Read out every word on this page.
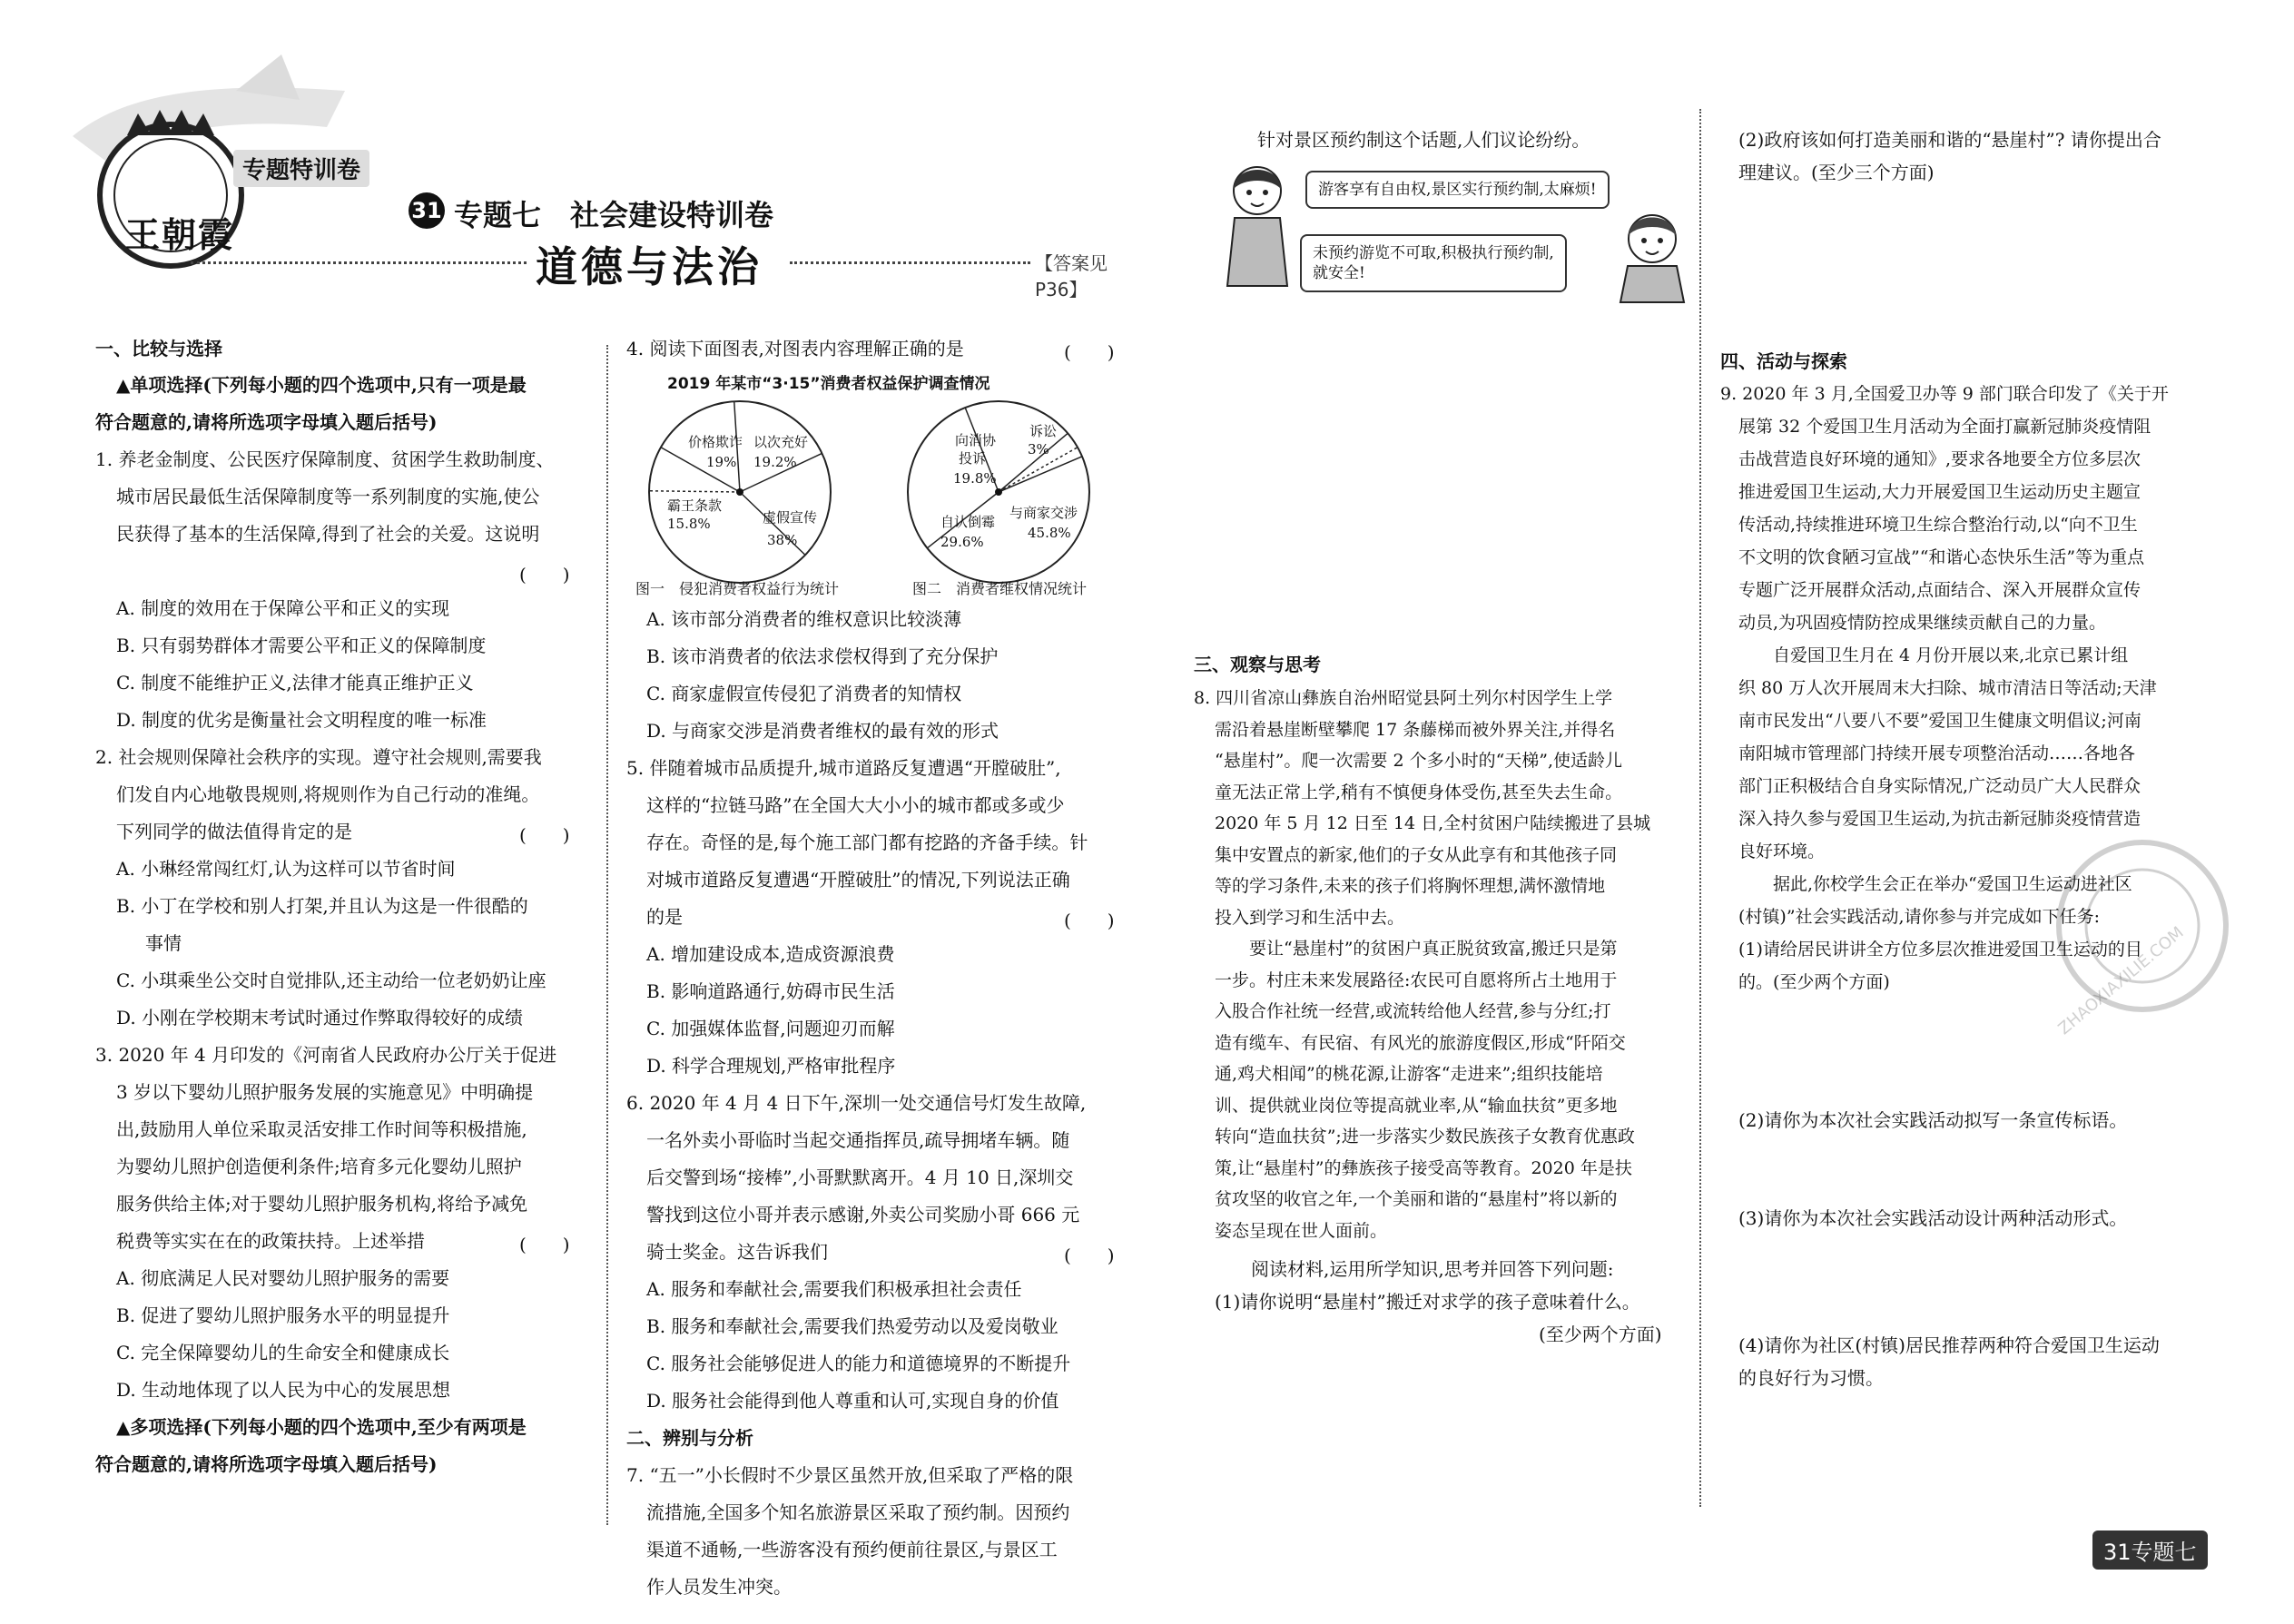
王朝霞
专题特训卷
31 专题七　社会建设特训卷
道德与法治	【答案见 P36】
一、比较与选择
▲单项选择(下列每小题的四个选项中,只有一项是最
符合题意的,请将所选项字母填入题后括号)
1. 养老金制度、公民医疗保障制度、贫困学生救助制度、
城市居民最低生活保障制度等一系列制度的实施,使公
民获得了基本的生活保障,得到了社会的关爱。这说明
(　　)
A. 制度的效用在于保障公平和正义的实现
B. 只有弱势群体才需要公平和正义的保障制度
C. 制度不能维护正义,法律才能真正维护正义
D. 制度的优劣是衡量社会文明程度的唯一标准
2. 社会规则保障社会秩序的实现。遵守社会规则,需要我
们发自内心地敬畏规则,将规则作为自己行动的准绳。
下列同学的做法值得肯定的是	(　　)
A. 小琳经常闯红灯,认为这样可以节省时间
B. 小丁在学校和别人打架,并且认为这是一件很酷的
事情
C. 小琪乘坐公交时自觉排队,还主动给一位老奶奶让座
D. 小刚在学校期末考试时通过作弊取得较好的成绩
3. 2020 年 4 月印发的《河南省人民政府办公厅关于促进
3 岁以下婴幼儿照护服务发展的实施意见》中明确提
出,鼓励用人单位采取灵活安排工作时间等积极措施,
为婴幼儿照护创造便利条件;培育多元化婴幼儿照护
服务供给主体;对于婴幼儿照护服务机构,将给予减免
税费等实实在在的政策扶持。上述举措	(　　)
A. 彻底满足人民对婴幼儿照护服务的需要
B. 促进了婴幼儿照护服务水平的明显提升
C. 完全保障婴幼儿的生命安全和健康成长
D. 生动地体现了以人民为中心的发展思想
▲多项选择(下列每小题的四个选项中,至少有两项是
符合题意的,请将所选项字母填入题后括号)
4. 阅读下面图表,对图表内容理解正确的是	(　　)
2019 年某市“3·15”消费者权益保护调查情况
价格欺诈
19%
以次充好
19.2%
霸王条款
15.8%	虚假宣传
38%
向消协
投诉
19.8%
诉讼
3%
自认倒霉
29.6%
与商家交涉
45.8%
图一　侵犯消费者权益行为统计	图二　消费者维权情况统计
A. 该市部分消费者的维权意识比较淡薄
B. 该市消费者的依法求偿权得到了充分保护
C. 商家虚假宣传侵犯了消费者的知情权
D. 与商家交涉是消费者维权的最有效的形式
5. 伴随着城市品质提升,城市道路反复遭遇“开膛破肚”,
这样的“拉链马路”在全国大大小小的城市都或多或少
存在。奇怪的是,每个施工部门都有挖路的齐备手续。针
对城市道路反复遭遇“开膛破肚”的情况,下列说法正确
的是	(　　)
A. 增加建设成本,造成资源浪费
B. 影响道路通行,妨碍市民生活
C. 加强媒体监督,问题迎刃而解
D. 科学合理规划,严格审批程序
6. 2020 年 4 月 4 日下午,深圳一处交通信号灯发生故障,
一名外卖小哥临时当起交通指挥员,疏导拥堵车辆。随
后交警到场“接棒”,小哥默默离开。4 月 10 日,深圳交
警找到这位小哥并表示感谢,外卖公司奖励小哥 666 元
骑士奖金。这告诉我们	(　　)
A. 服务和奉献社会,需要我们积极承担社会责任
B. 服务和奉献社会,需要我们热爱劳动以及爱岗敬业
C. 服务社会能够促进人的能力和道德境界的不断提升
D. 服务社会能得到他人尊重和认可,实现自身的价值
二、辨别与分析
7. “五一”小长假时不少景区虽然开放,但采取了严格的限
流措施,全国多个知名旅游景区采取了预约制。因预约
渠道不通畅,一些游客没有预约便前往景区,与景区工
作人员发生冲突。
针对景区预约制这个话题,人们议论纷纷。
游客享有自由权,景区实行预约制,太麻烦!
未预约游览不可取,积极执行预约制,
就安全!
三、观察与思考
8. 四川省凉山彝族自治州昭觉县阿土列尔村因学生上学
需沿着悬崖断壁攀爬 17 条藤梯而被外界关注,并得名
“悬崖村”。爬一次需要 2 个多小时的“天梯”,使适龄儿
童无法正常上学,稍有不慎便身体受伤,甚至失去生命。
2020 年 5 月 12 日至 14 日,全村贫困户陆续搬进了县城
集中安置点的新家,他们的子女从此享有和其他孩子同
等的学习条件,未来的孩子们将胸怀理想,满怀激情地
投入到学习和生活中去。
　　要让“悬崖村”的贫困户真正脱贫致富,搬迁只是第
一步。村庄未来发展路径:农民可自愿将所占土地用于
入股合作社统一经营,或流转给他人经营,参与分红;打
造有缆车、有民宿、有风光的旅游度假区,形成“阡陌交
通,鸡犬相闻”的桃花源,让游客“走进来”;组织技能培
训、提供就业岗位等提高就业率,从“输血扶贫”更多地
转向“造血扶贫”;进一步落实少数民族孩子女教育优惠政
策,让“悬崖村”的彝族孩子接受高等教育。2020 年是扶
贫攻坚的收官之年,一个美丽和谐的“悬崖村”将以新的
姿态呈现在世人面前。
　　阅读材料,运用所学知识,思考并回答下列问题:
(1)请你说明“悬崖村”搬迁对求学的孩子意味着什么。
(至少两个方面)
(2)政府该如何打造美丽和谐的“悬崖村”? 请你提出合
理建议。(至少三个方面)
四、活动与探索
9. 2020 年 3 月,全国爱卫办等 9 部门联合印发了《关于开
展第 32 个爱国卫生月活动为全面打赢新冠肺炎疫情阻
击战营造良好环境的通知》,要求各地要全方位多层次
推进爱国卫生运动,大力开展爱国卫生运动历史主题宣
传活动,持续推进环境卫生综合整治行动,以“向不卫生
不文明的饮食陋习宣战”“和谐心态快乐生活”等为重点
专题广泛开展群众活动,点面结合、深入开展群众宣传
动员,为巩固疫情防控成果继续贡献自己的力量。
　　自爱国卫生月在 4 月份开展以来,北京已累计组
织 80 万人次开展周末大扫除、城市清洁日等活动;天津
南市民发出“八要八不要”爱国卫生健康文明倡议;河南
南阳城市管理部门持续开展专项整治活动……各地各
部门正积极结合自身实际情况,广泛动员广大人民群众
深入持久参与爱国卫生运动,为抗击新冠肺炎疫情营造
良好环境。
　　据此,你校学生会正在举办“爱国卫生运动进社区
(村镇)”社会实践活动,请你参与并完成如下任务:
(1)请给居民讲讲全方位多层次推进爱国卫生运动的目
的。(至少两个方面)	ZHAOXIAXILIE.COM
(2)请你为本次社会实践活动拟写一条宣传标语。
(3)请你为本次社会实践活动设计两种活动形式。
(4)请你为社区(村镇)居民推荐两种符合爱国卫生运动
的良好行为习惯。
31专题七
